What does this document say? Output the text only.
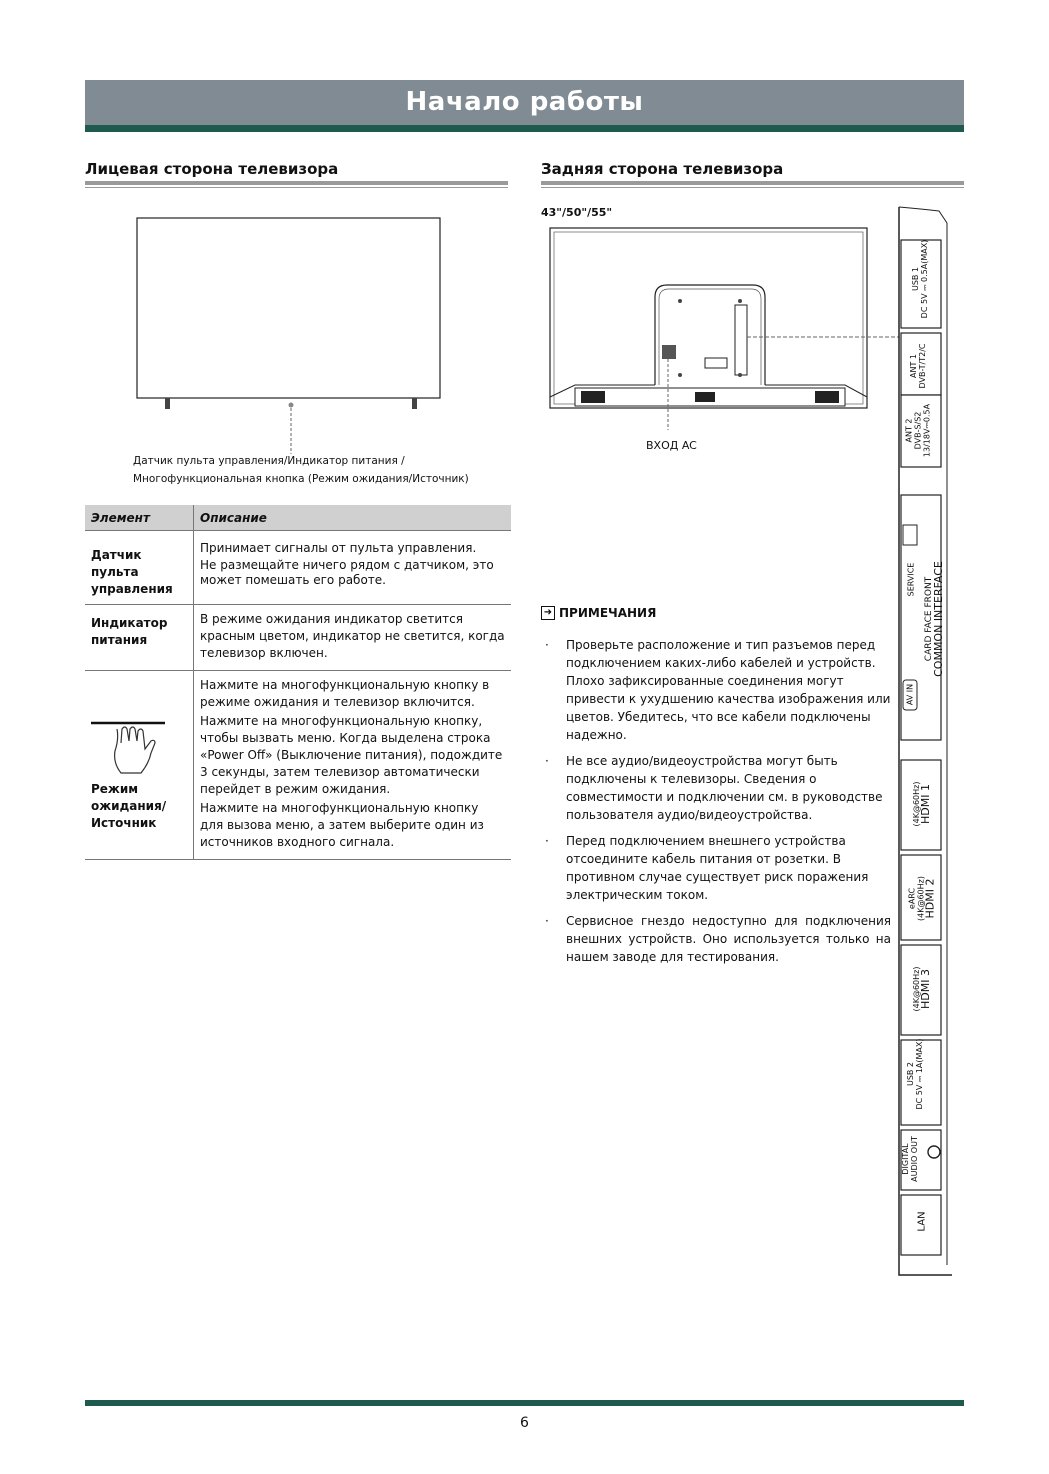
Начало работы
Лицевая сторона телевизора
Датчик пульта управления/Индикатор питания /
Многофункциональная кнопка (Режим ожидания/Источник)
Элемент	Описание
Датчик пульта управления	Принимает сигналы от пульта управления.

Не размещайте ничего рядом с датчиком, это может помешать его работе.

Индикатор питания	В режиме ожидания индикатор светится красным цветом, индикатор не светится, когда телевизор включен.

Режим ожидания/ Источник	Нажмите на многофункциональную кнопку в режиме ожидания и телевизор включится.

Нажмите на многофункциональную кнопку, чтобы вызвать меню. Когда выделена строка «Power Off» (Выключение питания), подождите 3 секунды, затем телевизор автоматически перейдет в режим ожидания.

Нажмите на многофункциональную кнопку для вызова меню, а затем выберите один из источников входного сигнала.

Задняя сторона телевизора
43"/50"/55"
ВХОД AC
USB 1 DC 5V ⎓ 0.5A(MAX)
ANT 1 DVB-T/T2/C
ANT 2 DVB-S/S2 13/18V⎓0.5A
SERVICE CARD FACE FRONT
COMMON INTERFACE
AV IN
(4K@60Hz)
HDMI 1
eARC (4K@60Hz)
HDMI 2
(4K@60Hz)
HDMI 3
USB 2 DC 5V ⎓ 1A(MAX)
DIGITAL AUDIO OUT
LAN
➜ ПРИМЕЧАНИЯ
· Проверьте расположение и тип разъемов перед подключением каких-либо кабелей и устройств. Плохо зафиксированные соединения могут привести к ухудшению качества изображения или цветов. Убедитесь, что все кабели подключены надежно.
· Не все аудио/видеоустройства могут быть подключены к телевизоры. Сведения о совместимости и подключении см. в руководстве пользователя аудио/видеоустройства.
· Перед подключением внешнего устройства отсоедините кабель питания от розетки. В противном случае существует риск поражения электрическим током.
· Сервисное гнездо недоступно для подключения внешних устройств. Оно используется только на нашем заводе для тестирования.
6
